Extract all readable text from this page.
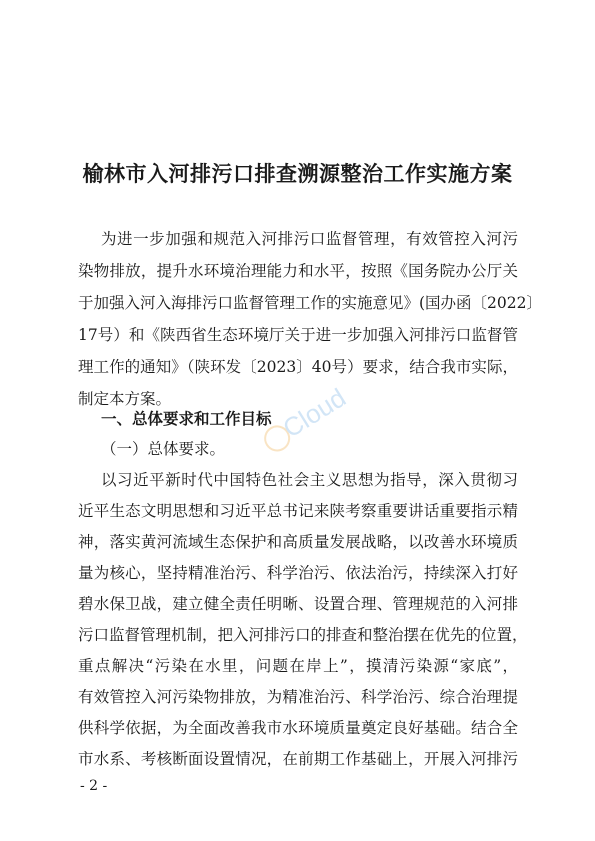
榆林市入河排污口排查溯源整治工作实施方案
为进一步加强和规范入河排污口监督管理，有效管控入河污
染物排放，提升水环境治理能力和水平，按照《国务院办公厅关
于加强入河入海排污口监督管理工作的实施意见》(国办函〔2022〕
17号）和《陕西省生态环境厅关于进一步加强入河排污口监督管
理工作的通知》（陕环发〔2023〕40号）要求，结合我市实际，
制定本方案。
一、总体要求和工作目标
（一）总体要求。
以习近平新时代中国特色社会主义思想为指导，深入贯彻习
近平生态文明思想和习近平总书记来陕考察重要讲话重要指示精
神，落实黄河流域生态保护和高质量发展战略，以改善水环境质
量为核心，坚持精准治污、科学治污、依法治污，持续深入打好
碧水保卫战，建立健全责任明晰、设置合理、管理规范的入河排
污口监督管理机制，把入河排污口的排查和整治摆在优先的位置，
重点解决“污染在水里，问题在岸上”，摸清污染源“家底”，
有效管控入河污染物排放，为精准治污、科学治污、综合治理提
供科学依据，为全面改善我市水环境质量奠定良好基础。结合全
市水系、考核断面设置情况，在前期工作基础上，开展入河排污
- 2 -
Cloud
